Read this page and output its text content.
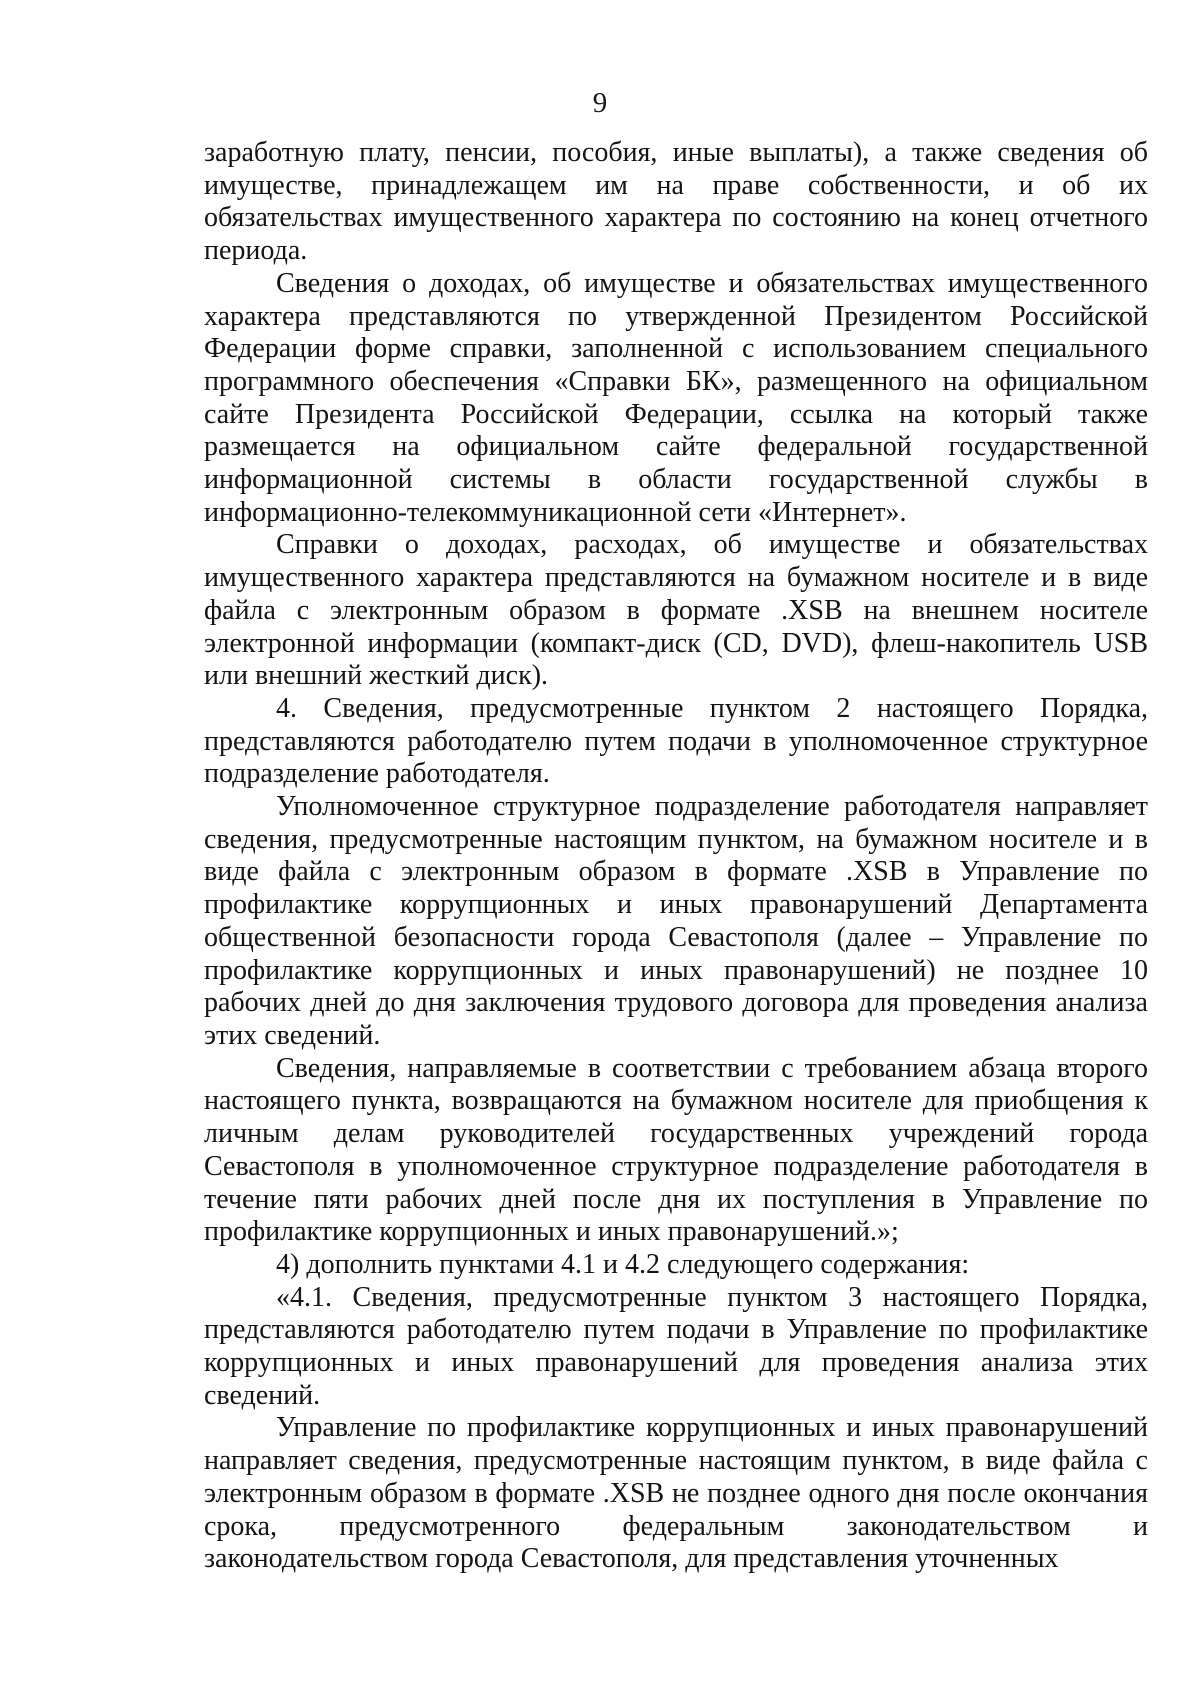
9

заработную плату, пенсии, пособия, иные выплаты), а также сведения об имуществе, принадлежащем им на праве собственности, и об их обязательствах имущественного характера по состоянию на конец отчетного периода.

Сведения о доходах, об имуществе и обязательствах имущественного характера представляются по утвержденной Президентом Российской Федерации форме справки, заполненной с использованием специального программного обеспечения «Справки БК», размещенного на официальном сайте Президента Российской Федерации, ссылка на который также размещается на официальном сайте федеральной государственной информационной системы в области государственной службы в информационно-телекоммуникационной сети «Интернет».

Справки о доходах, расходах, об имуществе и обязательствах имущественного характера представляются на бумажном носителе и в виде файла с электронным образом в формате .XSB на внешнем носителе электронной информации (компакт-диск (CD, DVD), флеш-накопитель USB или внешний жесткий диск).

4. Сведения, предусмотренные пунктом 2 настоящего Порядка, представляются работодателю путем подачи в уполномоченное структурное подразделение работодателя.

Уполномоченное структурное подразделение работодателя направляет сведения, предусмотренные настоящим пунктом, на бумажном носителе и в виде файла с электронным образом в формате .XSB в Управление по профилактике коррупционных и иных правонарушений Департамента общественной безопасности города Севастополя (далее – Управление по профилактике коррупционных и иных правонарушений) не позднее 10 рабочих дней до дня заключения трудового договора для проведения анализа этих сведений.

Сведения, направляемые в соответствии с требованием абзаца второго настоящего пункта, возвращаются на бумажном носителе для приобщения к личным делам руководителей государственных учреждений города Севастополя в уполномоченное структурное подразделение работодателя в течение пяти рабочих дней после дня их поступления в Управление по профилактике коррупционных и иных правонарушений.»;

4) дополнить пунктами 4.1 и 4.2 следующего содержания:

«4.1. Сведения, предусмотренные пунктом 3 настоящего Порядка, представляются работодателю путем подачи в Управление по профилактике коррупционных и иных правонарушений для проведения анализа этих сведений.

Управление по профилактике коррупционных и иных правонарушений направляет сведения, предусмотренные настоящим пунктом, в виде файла с электронным образом в формате .XSB не позднее одного дня после окончания срока, предусмотренного федеральным законодательством и законодательством города Севастополя, для представления уточненных
